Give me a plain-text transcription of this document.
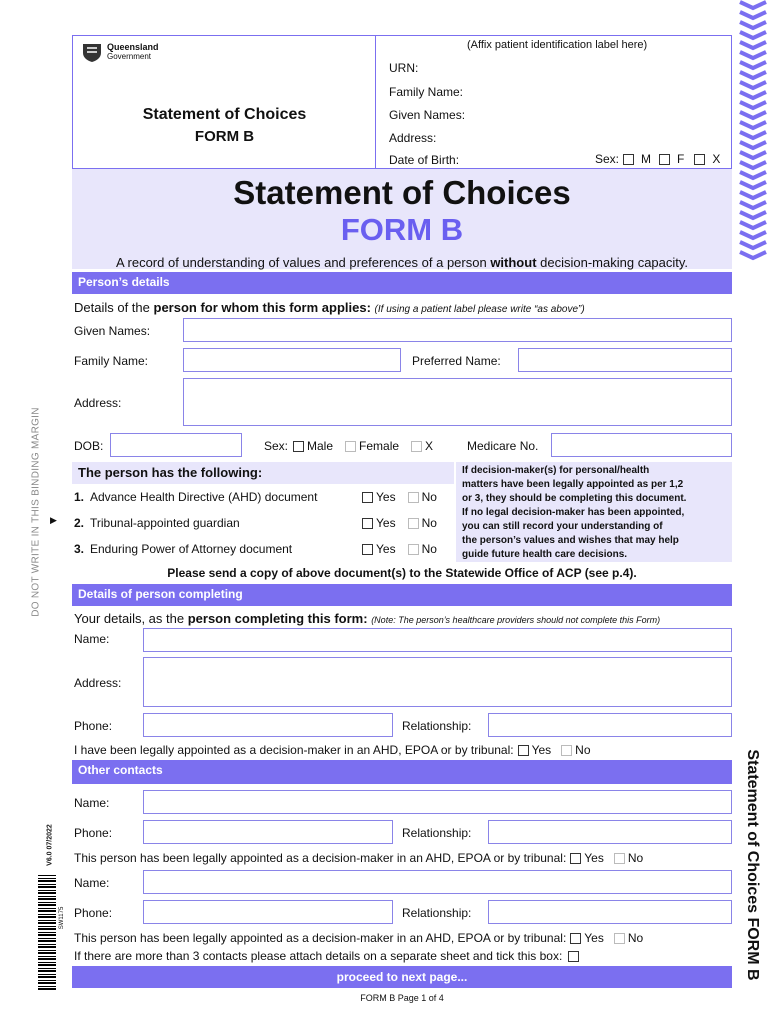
Queensland
Government
Statement of Choices
FORM B
(Affix patient identification label here)
URN:
Family Name:
Given Names:
Address:
Date of Birth:	Sex: M F X
Statement of Choices
FORM B
A record of understanding of values and preferences of a person without decision-making capacity.
Person’s details
Details of the person for whom this form applies: (If using a patient label please write “as above”)
Given Names:
Family Name:	Preferred Name:
Address:
DOB:	Sex: Male Female X	Medicare No.
The person has the following:	If decision-maker(s) for personal/health
matters have been legally appointed as per 1,2
or 3, they should be completing this document.
If no legal decision-maker has been appointed,
you can still record your understanding of
the person’s values and wishes that may help
guide future health care decisions.
1. Advance Health Directive (AHD) document	Yes No
2. Tribunal-appointed guardian	Yes No
3. Enduring Power of Attorney document	Yes No
Please send a copy of above document(s) to the Statewide Office of ACP (see p.4).
Details of person completing
Your details, as the person completing this form: (Note: The person’s healthcare providers should not complete this Form)
Name:
Address:
Phone:	Relationship:
I have been legally appointed as a decision-maker in an AHD, EPOA or by tribunal: Yes No
Other contacts
Name:
Phone:	Relationship:
This person has been legally appointed as a decision-maker in an AHD, EPOA or by tribunal: Yes No
Name:
Phone:	Relationship:
This person has been legally appointed as a decision-maker in an AHD, EPOA or by tribunal: Yes No
If there are more than 3 contacts please attach details on a separate sheet and tick this box:
proceed to next page...
FORM B Page 1 of 4
DO NOT WRITE IN THIS BINDING MARGIN ▶
V6.0 07/2022
SW1175	Statement of Choices FORM B
